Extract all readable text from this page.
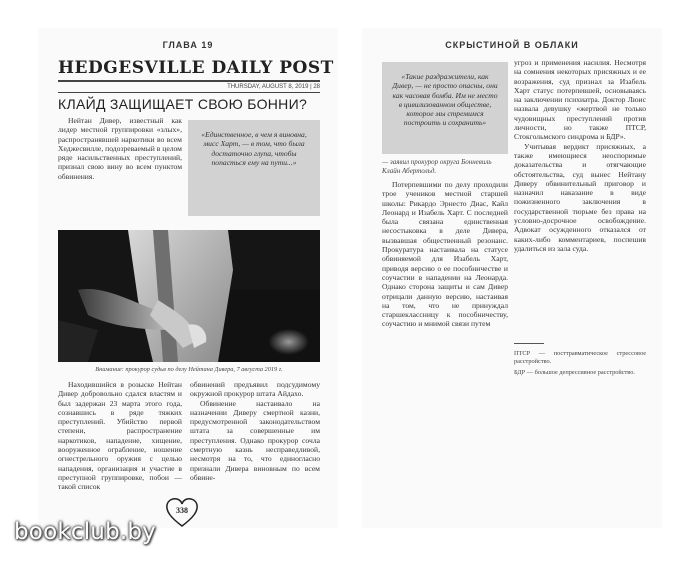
ГЛАВА 19
HEDGESVILLE DAILY POST
THURSDAY, AUGUST 8, 2019 | 28
КЛАЙД ЗАЩИЩАЕТ СВОЮ БОННИ?

Нейтан Дивер, известный как лидер местной группировки «злых», распространявшей наркотики во всем Хеджесвилле, подозреваемый в целом ряде насильственных преступлений, признал свою вину во всем пунктом обвинения.

«Единственное, в чем я виновна, мисс Харт, — в том, что была достаточно глупа, чтобы попасться ему на пути...»
Внимание: прокурор судья по делу Нейтана Дивера, 7 августа 2019 г.

Находившийся в розыске Нейтан Дивер добровольно сдался властям и был задержан 23 марта этого года, сознавшись в ряде тяжких преступлений. Убийство первой степени, распространение наркотиков, нападение, хищение, вооруженное ограбление, ношение огнестрельного оружия с целью нападения, организация и участие в преступной группировке, побои — такой список

обвинений предъявил подсудимому окружной прокурор штата Айдахо.

Обвинение настаивало на назначении Диверу смертной казни, предусмотренной законодательством штата за совершенные им преступления. Однако прокурор сочла смертную казнь несправедливой, несмотря на то, что единогласно признали Дивера виновным по всем обвине-

338
СКРЫСТИНОЙ В ОБЛАКИ
«Такие раздражители, как Дивер, — не просто опасны, они как часовая бомба. Им не место в цивилизованном обществе, которое мы стремимся построить и сохранить»
— заявил прокурор округа Бонневиль Клайн Абертольд.

Потерпевшими по делу проходили трое учеников местной старшей школы: Рикардо Эрнесто Диас, Кайл Леонард и Изабель Харт. С последней была связана единственная несостыковка в деле Дивера, вызвавшая общественный резонанс. Прокуратура настаивала на статусе обвиняемой для Изабель Харт, приводя версию о ее пособничестве и соучастии в нападении на Леонарда. Однако сторона защиты и сам Дивер отрицали данную версию, настаивая на том, что не принуждал старшеклассницу к пособничеству, соучастию и мнимой связи путем

угроз и применения насилия. Несмотря на сомнения некоторых присяжных и ее возражения, суд признал за Изабель Харт статус потерпевшей, основываясь на заключении психиатра. Доктор Люис назвала девушку «жертвой не только чудовищных преступлений против личности, но также ПТСР, Стокгольмского синдрома и БДР».

Учитывая вердикт присяжных, а также имеющиеся неоспоримые доказательства и отягчающие обстоятельства, суд вынес Нейтану Диверу обвинительный приговор и назначил наказание в виде пожизненного заключения в государственной тюрьме без права на условно-досрочное освобождение. Адвокат осужденного отказался от каких-либо комментариев, поспешив удалиться из зала суда.

ПТСР — посттравматическое стрессовое расстройство.

БДР — большое депрессивное расстройство.

bookclub.by
